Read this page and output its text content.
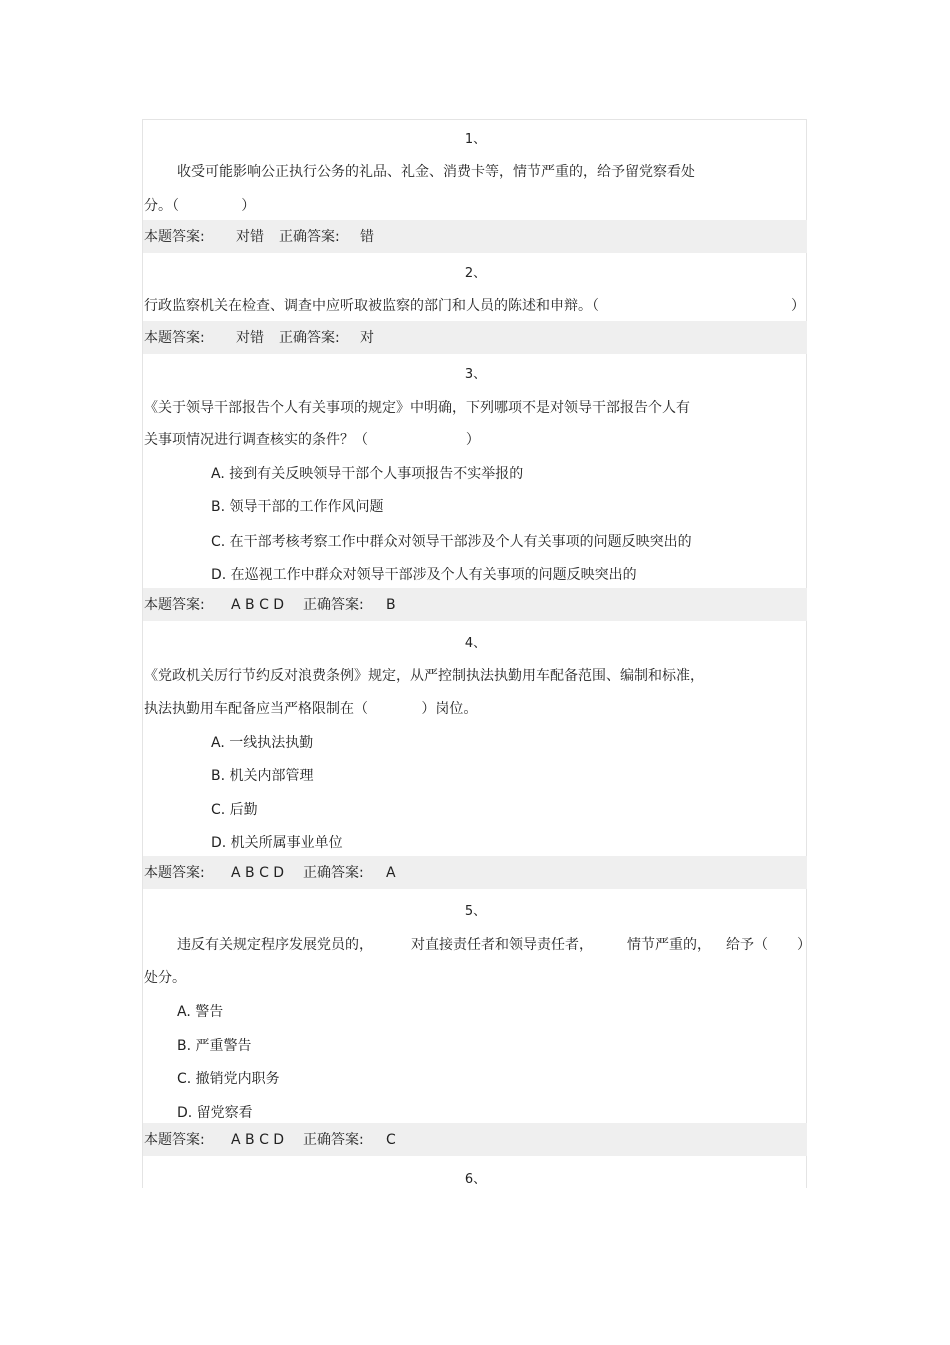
1、
收受可能影响公正执行公务的礼品、礼金、消费卡等，情节严重的，给予留党察看处
分。（              ）
本题答案: 对错 正确答案: 错
2、
行政监察机关在检查、调查中应听取被监察的部门和人员的陈述和申辩。（	）
本题答案: 对错 正确答案: 对
3、
《关于领导干部报告个人有关事项的规定》中明确，下列哪项不是对领导干部报告个人有
关事项情况进行调查核实的条件？（                      ）
A. 接到有关反映领导干部个人事项报告不实举报的
B. 领导干部的工作作风问题
C. 在干部考核考察工作中群众对领导干部涉及个人有关事项的问题反映突出的
D. 在巡视工作中群众对领导干部涉及个人有关事项的问题反映突出的
本题答案: A B C D 正确答案: B
4、
《党政机关厉行节约反对浪费条例》规定，从严控制执法执勤用车配备范围、编制和标准，
执法执勤用车配备应当严格限制在（            ）岗位。
A. 一线执法执勤
B. 机关内部管理
C. 后勤
D. 机关所属事业单位
本题答案: A B C D 正确答案: A
5、
违反有关规定程序发展党员的，	对直接责任者和领导责任者， 情节严重的， 给予（ ）
处分。
A. 警告
B. 严重警告
C. 撤销党内职务
D. 留党察看
本题答案: A B C D 正确答案: C
6、
